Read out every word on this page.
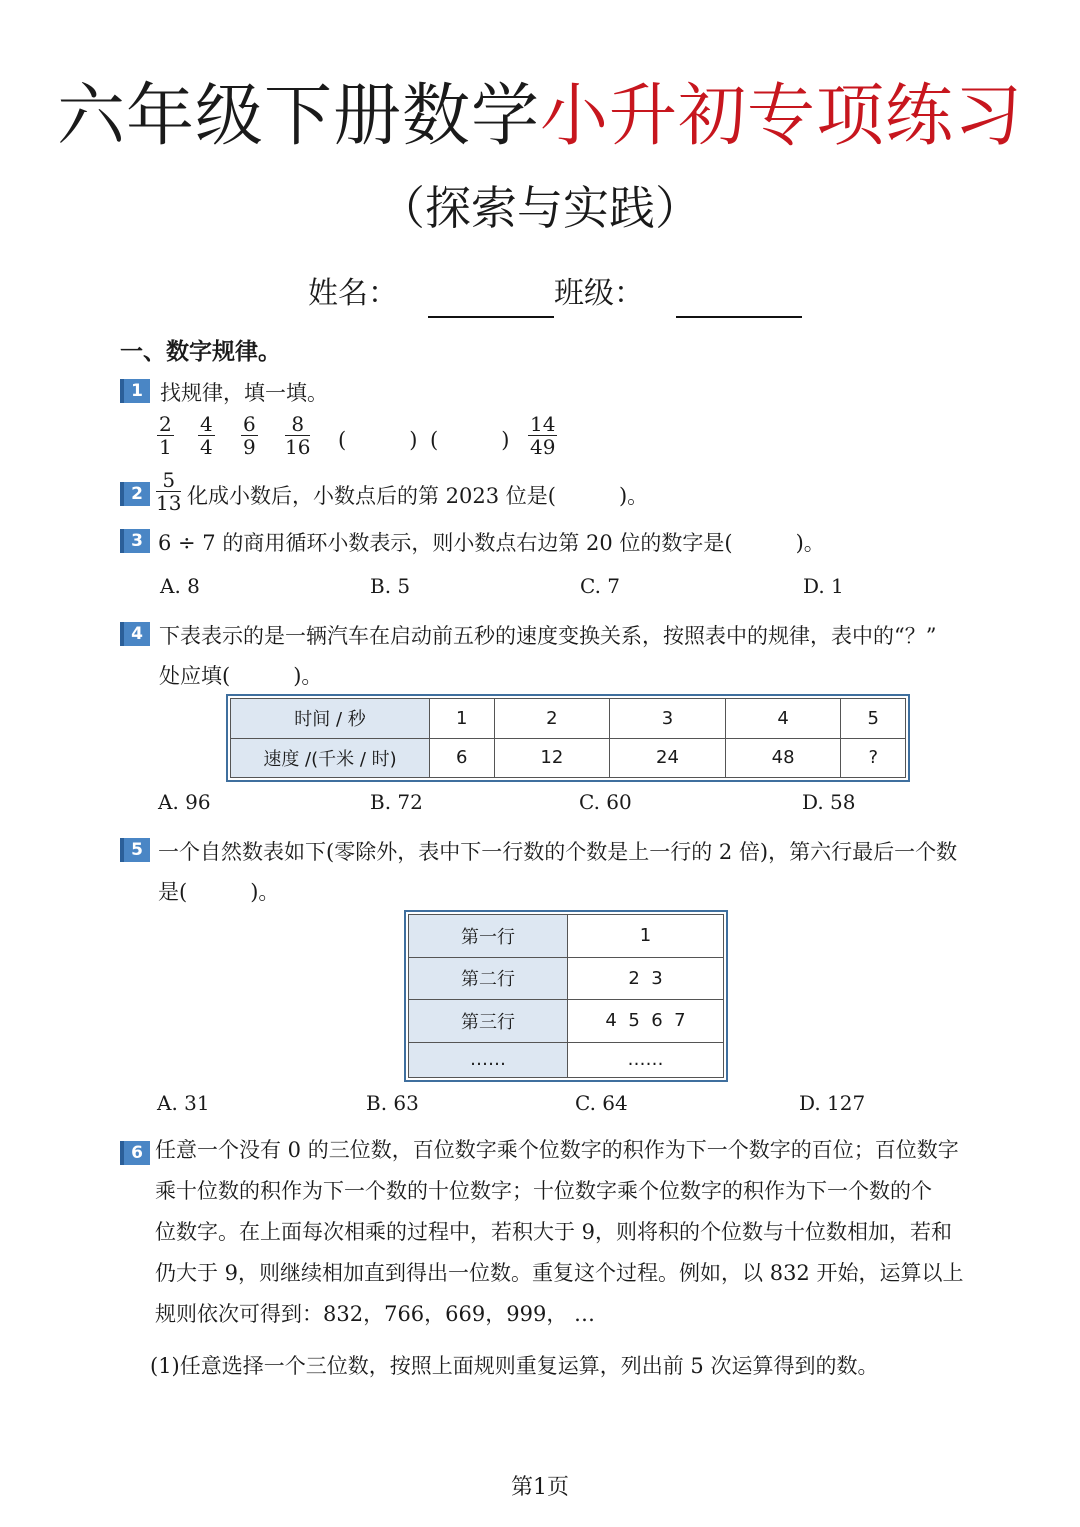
六年级下册数学小升初专项练习
（探索与实践）
姓名：	班级：
一、数字规律。
1 找规律，填一填。
$\frac{2}{1} \frac{4}{4} \frac{6}{9} \frac{8}{16}$ (　　　) (　　　) $\frac{14}{49}$
$2 \frac{5}{13}$ 化成小数后，小数点后的第 2023 位是(　　　)。
3 6 ÷ 7 的商用循环小数表示，则小数点右边第 20 位的数字是(　　　)。
A. 8	B. 5	C. 7	D. 1
4 下表表示的是一辆汽车在启动前五秒的速度变换关系，按照表中的规律，表中的“？”
处应填(　　　)。
时间 / 秒	1	2	3	4	5
速度 /(千米 / 时)	6	12	24	48	?
A. 96	B. 72	C. 60	D. 58
5 一个自然数表如下(零除外，表中下一行数的个数是上一行的 2 倍)，第六行最后一个数
是(　　　)。
第一行	1
第二行	2  3
第三行	4  5  6  7
……	……
A. 31	B. 63	C. 64	D. 127
6 任意一个没有 0 的三位数，百位数字乘个位数字的积作为下一个数字的百位；百位数字
乘十位数的积作为下一个数的十位数字；十位数字乘个位数字的积作为下一个数的个
位数字。在上面每次相乘的过程中，若积大于 9，则将积的个位数与十位数相加，若和
仍大于 9，则继续相加直到得出一位数。重复这个过程。例如，以 832 开始，运算以上
规则依次可得到：832，766，669，999， …
(1)任意选择一个三位数，按照上面规则重复运算，列出前 5 次运算得到的数。
第1页
